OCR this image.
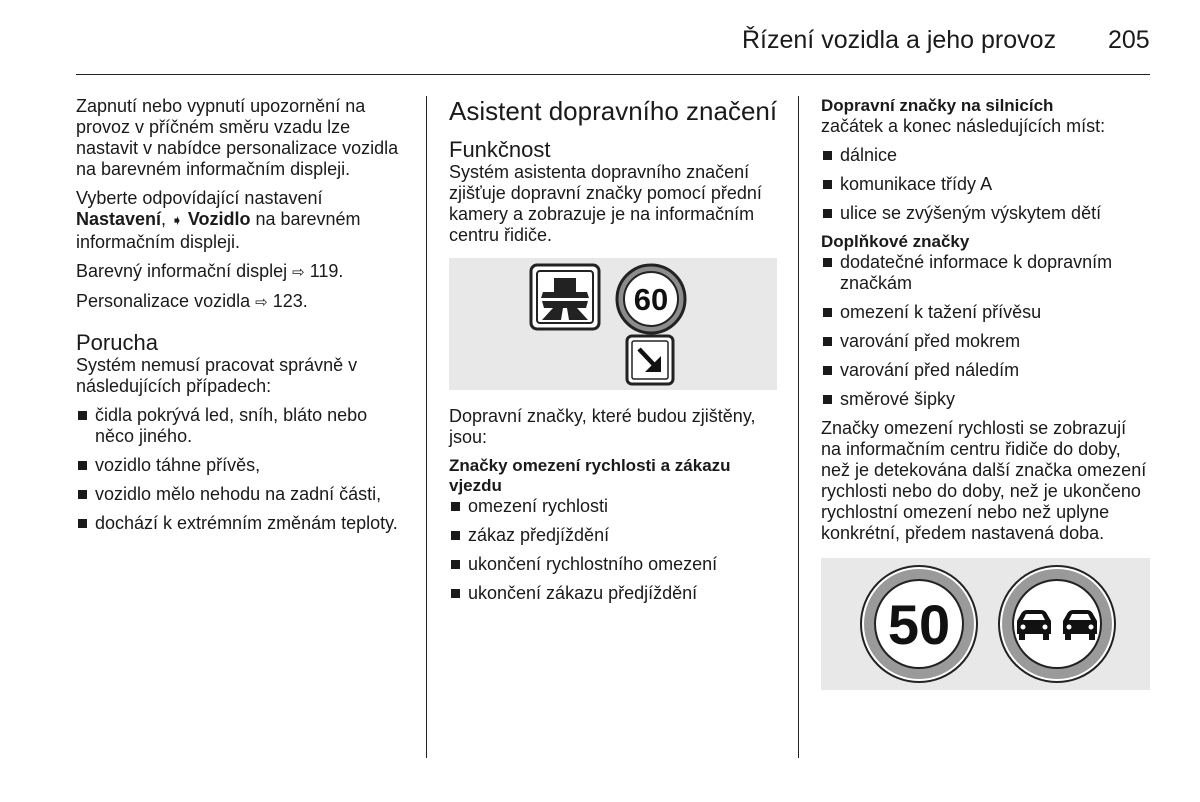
Řízení vozidla a jeho provoz 205

Zapnutí nebo vypnutí upozornění na provoz v příčném směru vzadu lze nastavit v nabídce personalizace vozidla na barevném informačním displeji.

Vyberte odpovídající nastavení
Nastavení, ➧ Vozidlo na barevném informačním displeji.

Barevný informační displej ⇨ 119.

Personalizace vozidla ⇨ 123.

Porucha

Systém nemusí pracovat správně v následujících případech:

čidla pokrývá led, sníh, bláto nebo něco jiného.
vozidlo táhne přívěs,
vozidlo mělo nehodu na zadní části,
dochází k extrémním změnám teploty.
Asistent dopravního značení
Funkčnost

Systém asistenta dopravního značení zjišťuje dopravní značky pomocí přední kamery a zobrazuje je na informačním centru řidiče.

60

Dopravní značky, které budou zjištěny, jsou:

Značky omezení rychlosti a zákazu vjezdu
omezení rychlosti
zákaz předjíždění
ukončení rychlostního omezení
ukončení zákazu předjíždění
Dopravní značky na silnicích

začátek a konec následujících míst:

dálnice
komunikace třídy A
ulice se zvýšeným výskytem dětí
Doplňkové značky
dodatečné informace k dopravním značkám
omezení k tažení přívěsu
varování před mokrem
varování před náledím
směrové šipky

Značky omezení rychlosti se zobrazují na informačním centru řidiče do doby, než je detekována další značka omezení rychlosti nebo do doby, než je ukončeno rychlostní omezení nebo než uplyne konkrétní, předem nastavená doba.

50
